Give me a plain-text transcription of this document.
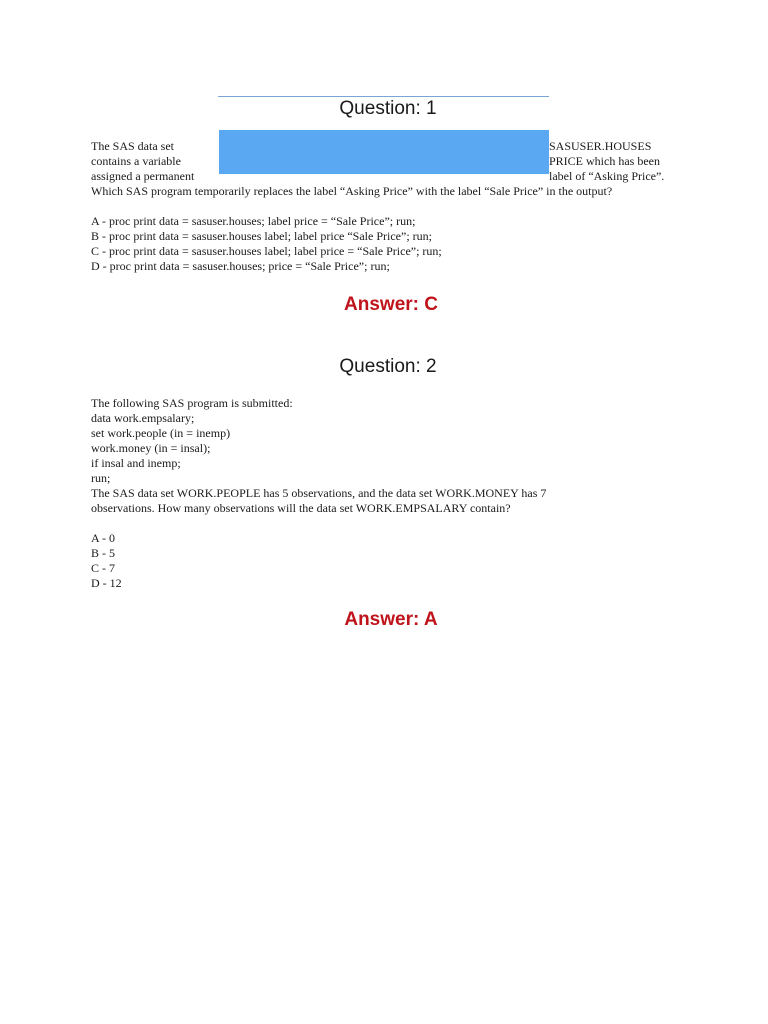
Question: 1
The SAS data set
contains a variable
assigned a permanent
SASUSER.HOUSES
PRICE which has been
label of “Asking Price”.
Which SAS program temporarily replaces the label “Asking Price” with the label “Sale Price” in the output?
A - proc print data = sasuser.houses; label price = “Sale Price”; run;
B - proc print data = sasuser.houses label; label price “Sale Price”; run;
C - proc print data = sasuser.houses label; label price = “Sale Price”; run;
D - proc print data = sasuser.houses; price = “Sale Price”; run;
Answer: C
Question: 2
The following SAS program is submitted:
data work.empsalary;
set work.people (in = inemp)
work.money (in = insal);
if insal and inemp;
run;
The SAS data set WORK.PEOPLE has 5 observations, and the data set WORK.MONEY has 7
observations. How many observations will the data set WORK.EMPSALARY contain?
A - 0
B - 5
C - 7
D - 12
Answer: A
